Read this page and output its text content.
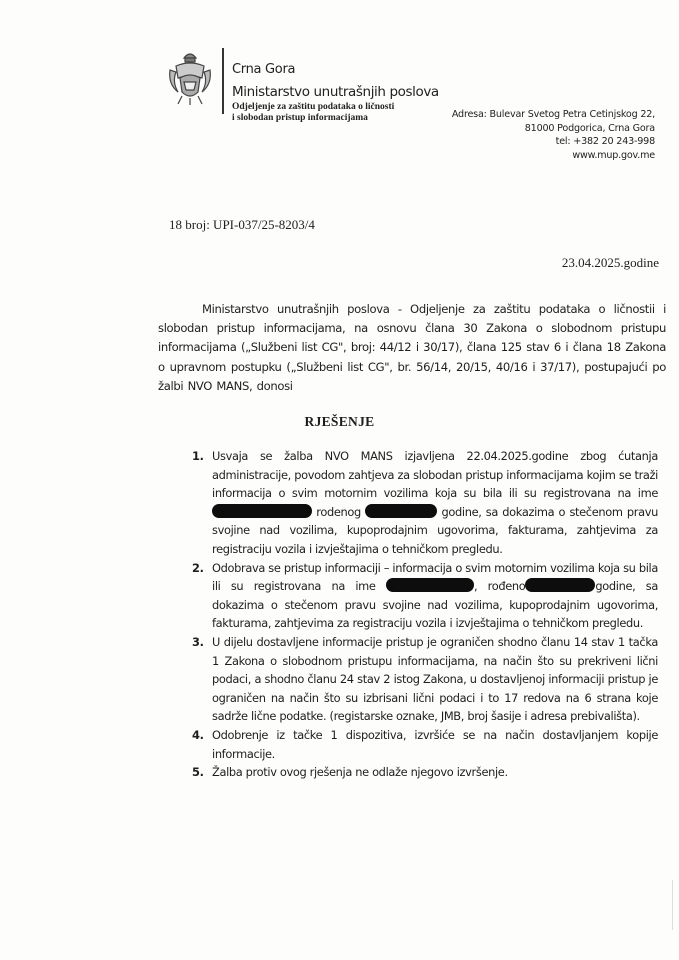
Crna Gora
Ministarstvo unutrašnjih poslova
Odjeljenje za zaštitu podataka o ličnosti
i slobodan pristup informacijama	Adresa: Bulevar Svetog Petra Cetinjskog 22,
81000 Podgorica, Crna Gora
tel: +382 20 243-998
www.mup.gov.me
18 broj: UPI-037/25-8203/4
23.04.2025.godine
Ministarstvo unutrašnjih poslova - Odjeljenje za zaštitu podataka o ličnostii i slobodan pristup informacijama, na osnovu člana 30 Zakona o slobodnom pristupu informacijama („Službeni list CG", broj: 44/12 i 30/17), člana 125 stav 6 i člana 18 Zakona o upravnom postupku („Službeni list CG", br. 56/14, 20/15, 40/16 i 37/17), postupajući po žalbi NVO MANS, donosi
RJEŠENJE
1. Usvaja se žalba NVO MANS izjavljena 22.04.2025.godine zbog ćutanja administracije, povodom zahtjeva za slobodan pristup informacijama kojim se traži informacija o svim motornim vozilima koja su bila ili su registrovana na ime  rodenog	godine, sa dokazima o stečenom pravu svojine nad vozilima, kupoprodajnim ugovorima, fakturama, zahtjevima za registraciju vozila i izvještajima o tehničkom pregledu.
2. Odobrava se pristup informaciji – informacija o svim motornim vozilima koja su bila ili su registrovana na ime	, rođeno	godine, sa dokazima o stečenom pravu svojine nad vozilima, kupoprodajnim ugovorima, fakturama, zahtjevima za registraciju vozila i izvještajima o tehničkom pregledu.
3. U dijelu dostavljene informacije pristup je ograničen shodno članu 14 stav 1 tačka 1 Zakona o slobodnom pristupu informacijama, na način što su prekriveni lični podaci, a shodno članu 24 stav 2 istog Zakona, u dostavljenoj informaciji pristup je ograničen na način što su izbrisani lični podaci i to 17 redova na 6 strana koje sadrže lične podatke. (registarske oznake, JMB, broj šasije i adresa prebivališta).
4. Odobrenje iz tačke 1 dispozitiva, izvršiće se na način dostavljanjem kopije informacije.
5. Žalba protiv ovog rješenja ne odlaže njegovo izvršenje.
